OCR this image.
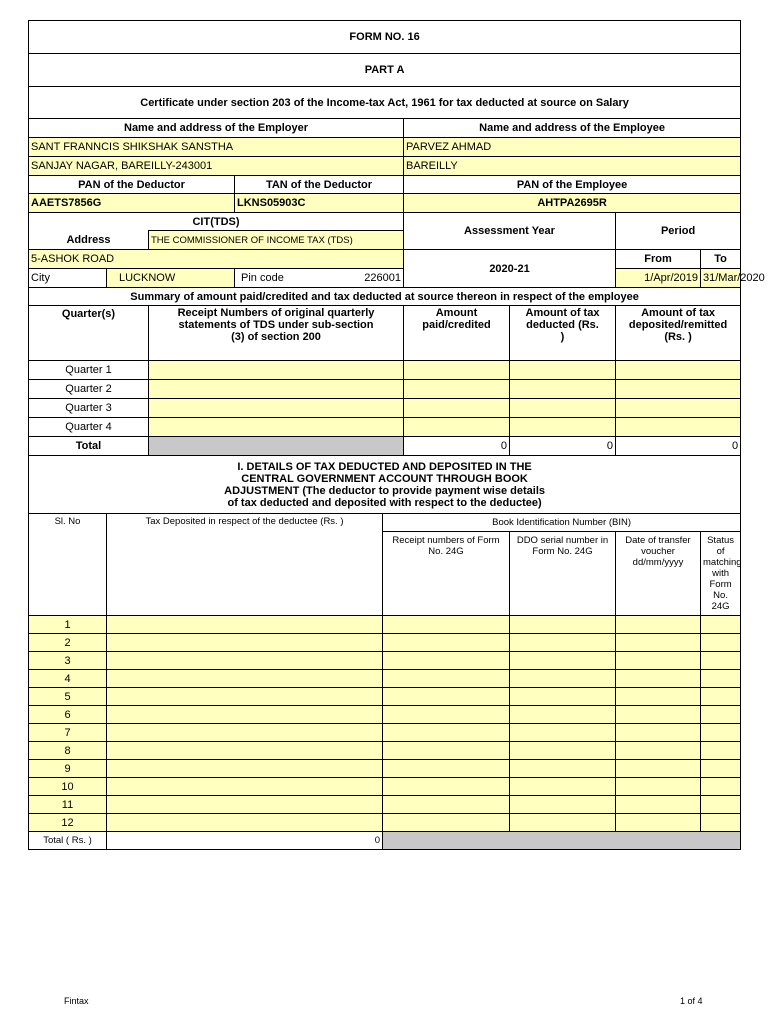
FORM NO. 16								
PART A								
Certificate under section 203 of the Income-tax Act, 1961 for tax deducted at source on Salary								
Name and address of the Employer					Name and address of the Employee			
SANT FRANNCIS SHIKSHAK SANSTHA					PARVEZ AHMAD			
SANJAY NAGAR, BAREILLY-243001					BAREILLY			
PAN of the Deductor			TAN of the Deductor		PAN of the Employee			
AAETS7856G			LKNS05903C		AHTPA2695R			
CIT(TDS)					Assessment Year		Period	
Address		THE COMMISSIONER OF INCOME TAX (TDS)						
5-ASHOK ROAD					2020-21		From	To
City	LUCKNOW		Pin code 226001				1/Apr/2019	31/Mar/2020
Summary of amount paid/credited and tax deducted at source thereon in respect of the employee								
Quarter(s)		Receipt Numbers of original quarterly statements of TDS under sub-section (3) of section 200			Amount paid/credited	Amount of tax deducted (Rs. )	Amount of tax deposited/remitted (Rs. )	
Quarter 1								
Quarter 2								
Quarter 3								
Quarter 4								
Total					0	0	0	
I. DETAILS OF TAX DEDUCTED AND DEPOSITED IN THE CENTRAL GOVERNMENT ACCOUNT THROUGH BOOK ADJUSTMENT (The deductor to provide payment wise details of tax deducted and deposited with respect to the deductee)								
Sl. No	Tax Deposited in respect of the deductee (Rs. )			Book Identification Number (BIN)				
				Receipt numbers of Form No. 24G		DDO serial number in Form No. 24G	Date of transfer voucher dd/mm/yyyy	Status of matching with Form No. 24G
1								
2								
3								
4								
5								
6								
7								
8								
9								
10								
11								
12								
Total ( Rs. )	0							
Fintax	1 of 4
